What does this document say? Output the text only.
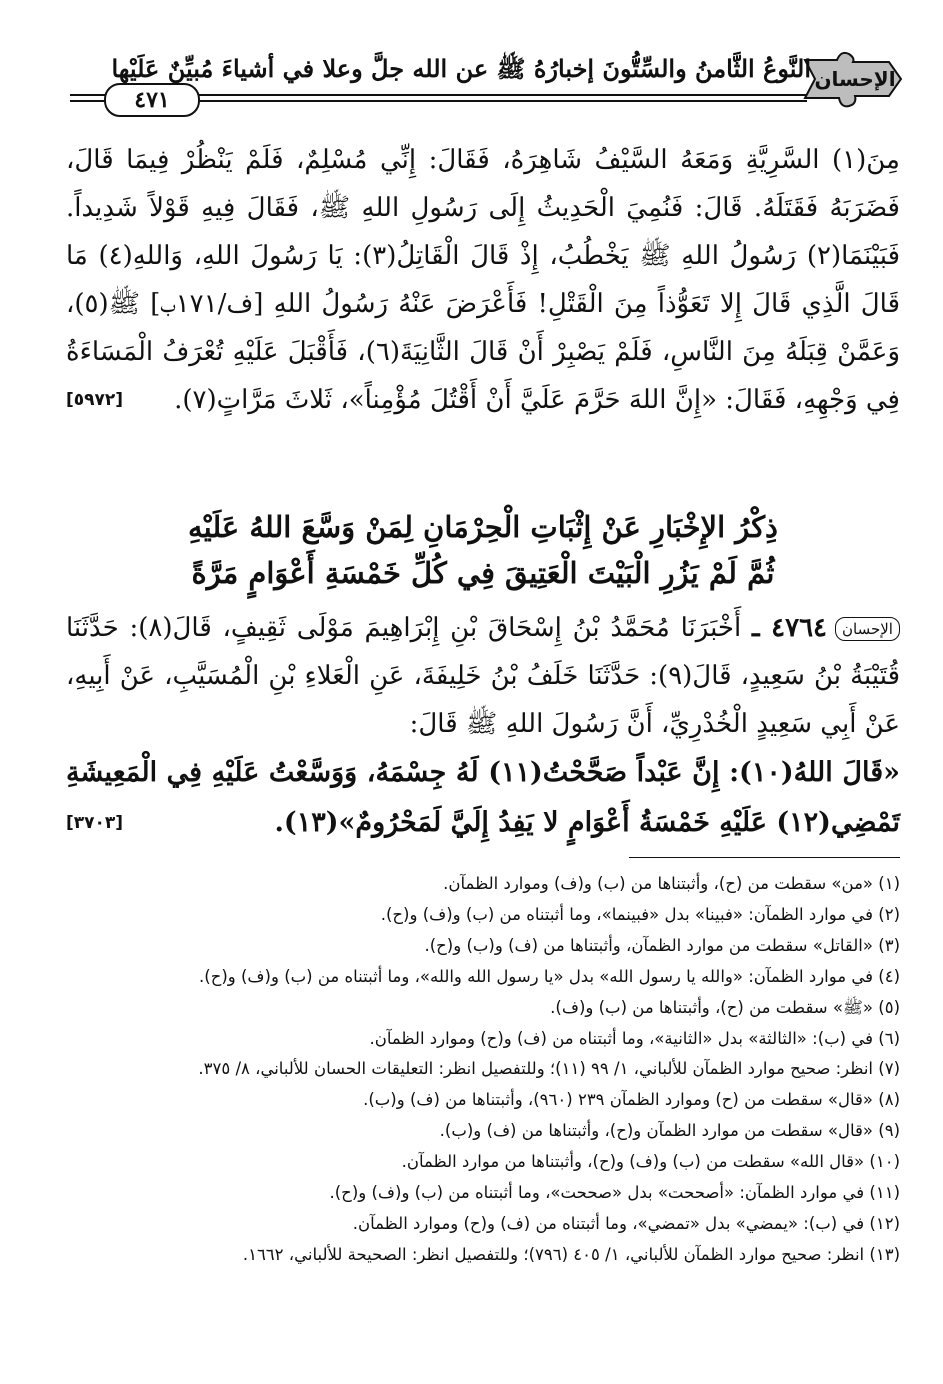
الإحسان
النَّوعُ الثَّامنُ والسِّتُّونَ إخبارُهُ ﷺ عن الله جلَّ وعلا في أشياءَ مُبيِّنٌ عَلَيْها
٤٧١

مِنَ(١) السَّرِيَّةِ وَمَعَهُ السَّيْفُ شَاهِرَهُ، فَقَالَ: إِنِّي مُسْلِمٌ، فَلَمْ يَنْظُرْ فِيمَا قَالَ، فَضَرَبَهُ فَقَتَلَهُ. قَالَ: فَنُمِيَ الْحَدِيثُ إِلَى رَسُولِ اللهِ ﷺ، فَقَالَ فِيهِ قَوْلاً شَدِيداً. فَبَيْنَمَا(٢) رَسُولُ اللهِ ﷺ يَخْطُبُ، إِذْ قَالَ الْقَاتِلُ(٣): يَا رَسُولَ اللهِ، وَاللهِ(٤) مَا قَالَ الَّذِي قَالَ إِلا تَعَوُّذاً مِنَ الْقَتْلِ! فَأَعْرَضَ عَنْهُ رَسُولُ اللهِ [ف/١٧١ب] ﷺ(٥)، وَعَمَّنْ قِبَلَهُ مِنَ النَّاسِ، فَلَمْ يَصْبِرْ أَنْ قَالَ الثَّانِيَةَ(٦)، فَأَقْبَلَ عَلَيْهِ تُعْرَفُ الْمَسَاءَةُ فِي وَجْهِهِ، فَقَالَ: «إِنَّ اللهَ حَرَّمَ عَلَيَّ أَنْ أَقْتُلَ مُؤْمِناً»، ثَلاثَ مَرَّاتٍ(٧).
[٥٩٧٢]

ذِكْرُ الإِخْبَارِ عَنْ إِثْبَاتِ الْحِرْمَانِ لِمَنْ وَسَّعَ اللهُ عَلَيْهِ
ثُمَّ لَمْ يَزُرِ الْبَيْتَ الْعَتِيقَ فِي كُلِّ خَمْسَةِ أَعْوَامٍ مَرَّةً

الإحسان٤٧٦٤ ـ أَخْبَرَنَا مُحَمَّدُ بْنُ إِسْحَاقَ بْنِ إِبْرَاهِيمَ مَوْلَى ثَقِيفٍ، قَالَ(٨): حَدَّثَنَا قُتَيْبَةُ بْنُ سَعِيدٍ، قَالَ(٩): حَدَّثَنَا خَلَفُ بْنُ خَلِيفَةَ، عَنِ الْعَلاءِ بْنِ الْمُسَيَّبِ، عَنْ أَبِيهِ، عَنْ أَبِي سَعِيدٍ الْخُدْرِيِّ، أَنَّ رَسُولَ اللهِ ﷺ قَالَ:

«قَالَ اللهُ(١٠): إِنَّ عَبْداً صَحَّحْتُ(١١) لَهُ جِسْمَهُ، وَوَسَّعْتُ عَلَيْهِ فِي الْمَعِيشَةِ تَمْضِي(١٢) عَلَيْهِ خَمْسَةُ أَعْوَامٍ لا يَفِدُ إِلَيَّ لَمَحْرُومٌ»(١٣).
[٣٧٠٣]

(١) «من» سقطت من (ح)، وأثبتناها من (ب) و(ف) وموارد الظمآن.

(٢) في موارد الظمآن: «فبينا» بدل «فبينما»، وما أثبتناه من (ب) و(ف) و(ح).

(٣) «القاتل» سقطت من موارد الظمآن، وأثبتناها من (ف) و(ب) و(ح).

(٤) في موارد الظمآن: «والله يا رسول الله» بدل «يا رسول الله والله»، وما أثبتناه من (ب) و(ف) و(ح).

(٥) «ﷺ» سقطت من (ح)، وأثبتناها من (ب) و(ف).

(٦) في (ب): «الثالثة» بدل «الثانية»، وما أثبتناه من (ف) و(ح) وموارد الظمآن.

(٧) انظر: صحيح موارد الظمآن للألباني، ١/ ٩٩ (١١)؛ وللتفصيل انظر: التعليقات الحسان للألباني، ٨/ ٣٧٥.

(٨) «قال» سقطت من (ح) وموارد الظمآن ٢٣٩ (٩٦٠)، وأثبتناها من (ف) و(ب).

(٩) «قال» سقطت من موارد الظمآن و(ح)، وأثبتناها من (ف) و(ب).

(١٠) «قال الله» سقطت من (ب) و(ف) و(ح)، وأثبتناها من موارد الظمآن.

(١١) في موارد الظمآن: «أصححت» بدل «صححت»، وما أثبتناه من (ب) و(ف) و(ح).

(١٢) في (ب): «يمضي» بدل «تمضي»، وما أثبتناه من (ف) و(ح) وموارد الظمآن.

(١٣) انظر: صحيح موارد الظمآن للألباني، ١/ ٤٠٥ (٧٩٦)؛ وللتفصيل انظر: الصحيحة للألباني، ١٦٦٢.
